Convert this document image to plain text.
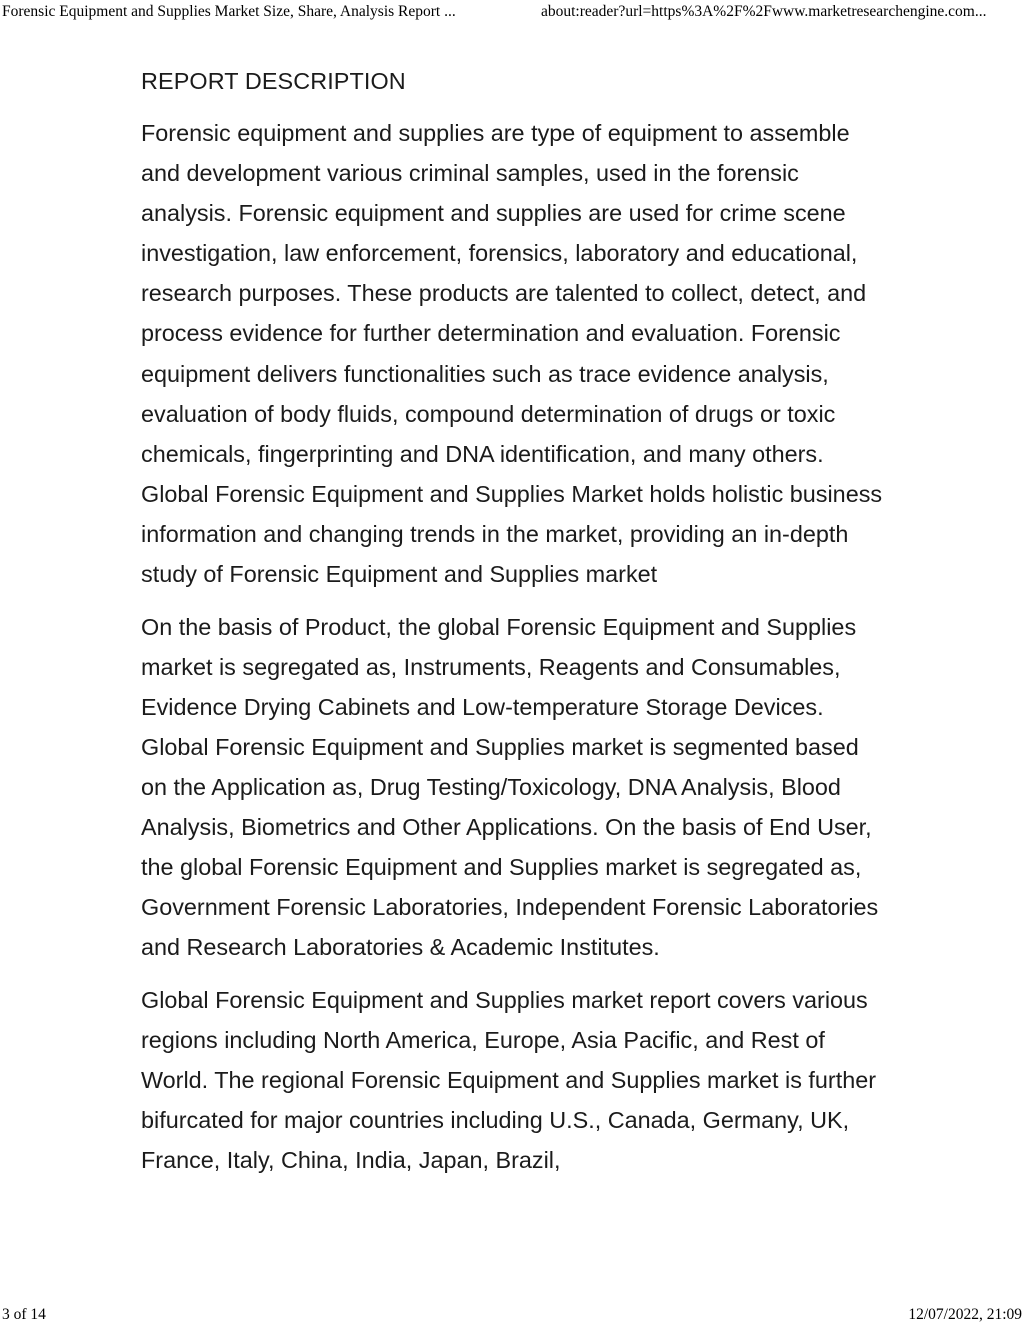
Forensic Equipment and Supplies Market Size, Share, Analysis Report ...	about:reader?url=https%3A%2F%2Fwww.marketresearchengine.com...
REPORT DESCRIPTION

Forensic equipment and supplies are type of equipment to assemble and development various criminal samples, used in the forensic analysis. Forensic equipment and supplies are used for crime scene investigation, law enforcement, forensics, laboratory and educational, research purposes. These products are talented to collect, detect, and process evidence for further determination and evaluation. Forensic equipment delivers functionalities such as trace evidence analysis, evaluation of body fluids, compound determination of drugs or toxic chemicals, fingerprinting and DNA identification, and many others. Global Forensic Equipment and Supplies Market holds holistic business information and changing trends in the market, providing an in-depth study of Forensic Equipment and Supplies market

On the basis of Product, the global Forensic Equipment and Supplies market is segregated as, Instruments, Reagents and Consumables, Evidence Drying Cabinets and Low-temperature Storage Devices. Global Forensic Equipment and Supplies market is segmented based on the Application as, Drug Testing/Toxicology, DNA Analysis, Blood Analysis, Biometrics and Other Applications. On the basis of End User, the global Forensic Equipment and Supplies market is segregated as, Government Forensic Laboratories, Independent Forensic Laboratories and Research Laboratories & Academic Institutes.

Global Forensic Equipment and Supplies market report covers various regions including North America, Europe, Asia Pacific, and Rest of World. The regional Forensic Equipment and Supplies market is further bifurcated for major countries including U.S., Canada, Germany, UK, France, Italy, China, India, Japan, Brazil,

3 of 14	12/07/2022, 21:09
